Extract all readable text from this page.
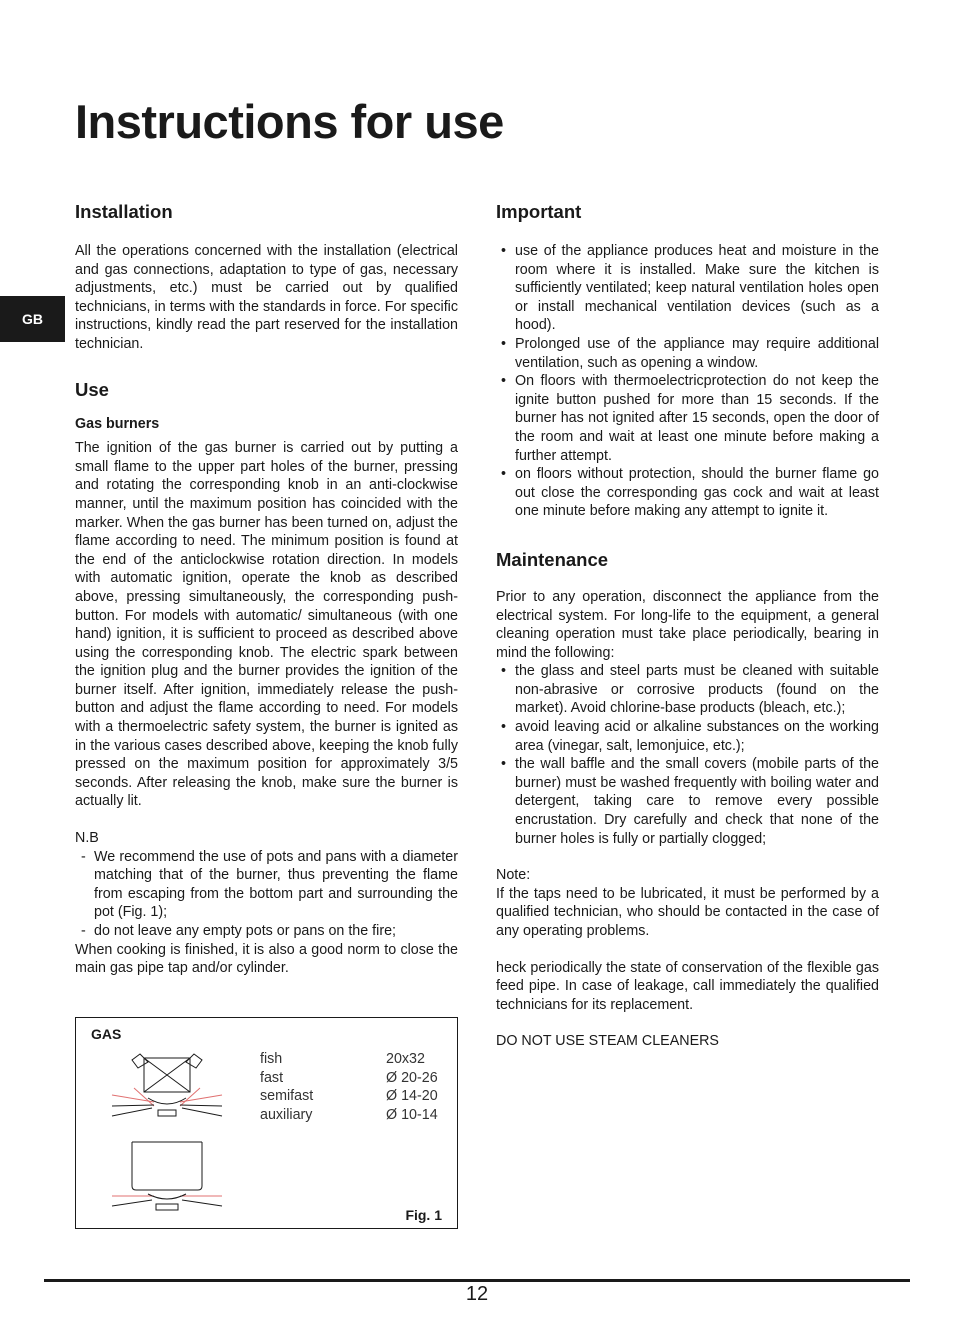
Instructions for use
GB
Installation

All the operations concerned with the installation (electrical and gas connections, adaptation to type of gas, necessary adjustments, etc.) must be carried out by qualified technicians, in terms with the standards in force. For specific instructions, kindly read the part reserved for the installation technician.

Use
Gas burners

The ignition of the gas burner is carried out by putting a small flame to the upper part holes of the burner, pressing and rotating the corresponding knob in an anti-clockwise manner, until the maximum position has coincided with the marker. When the gas burner has been turned on, adjust the flame according to need. The minimum position is found at the end of the anticlockwise rotation direction. In models with automatic ignition, operate the knob as described above, pressing simultaneously, the corresponding push-button. For models with automatic/ simultaneous (with one hand) ignition, it is sufficient to proceed as described above using the corresponding knob. The electric spark between the ignition plug and the burner provides the ignition of the burner itself. After ignition, immediately release the push-button and adjust the flame according to need. For models with a thermoelectric safety system, the burner is ignited as in the various cases described above, keeping the knob fully pressed on the maximum position for approximately 3/5 seconds. After releasing the knob, make sure the burner is actually lit.

N.B

- We recommend the use of pots and pans with a diameter matching that of the burner, thus preventing the flame from escaping from the bottom part and surrounding the pot (Fig. 1);
- do not leave any empty pots or pans on the fire;

When cooking is finished, it is also a good norm to close the main gas pipe tap and/or cylinder.

GAS
fish	20x32
fast	Ø 20-26
semifast	Ø 14-20
auxiliary	Ø 10-14
Fig. 1
Important
• use of the appliance produces heat and moisture in the room where it is installed. Make sure the kitchen is sufficiently ventilated; keep natural ventilation holes open or install mechanical ventilation devices (such as a hood).
• Prolonged use of the appliance may require additional ventilation, such as opening a window.
• On floors with thermoelectricprotection do not keep the ignite button pushed for more than 15 seconds. If the burner has not ignited after 15 seconds, open the door of the room and wait at least one minute before making a further attempt.
• on floors without protection, should the burner flame go out close the corresponding gas cock and wait at least one minute before making any attempt to ignite it.
Maintenance

Prior to any operation, disconnect the appliance from the electrical system. For long-life to the equipment, a general cleaning operation must take place periodically, bearing in mind the following:

• the glass and steel parts must be cleaned with suitable non-abrasive or corrosive products (found on the market). Avoid chlorine-base products (bleach, etc.);
• avoid leaving acid or alkaline substances on the working area (vinegar, salt, lemonjuice, etc.);
• the wall baffle and the small covers (mobile parts of the burner) must be washed frequently with boiling water and detergent, taking care to remove every possible encrustation. Dry carefully and check that none of the burner holes is fully or partially clogged;

Note:

If the taps need to be lubricated, it must be performed by a qualified technician, who should be contacted in the case of any operating problems.

heck periodically the state of conservation of the flexible gas feed pipe. In case of leakage, call immediately the qualified technicians for its replacement.

DO NOT USE STEAM CLEANERS

12
